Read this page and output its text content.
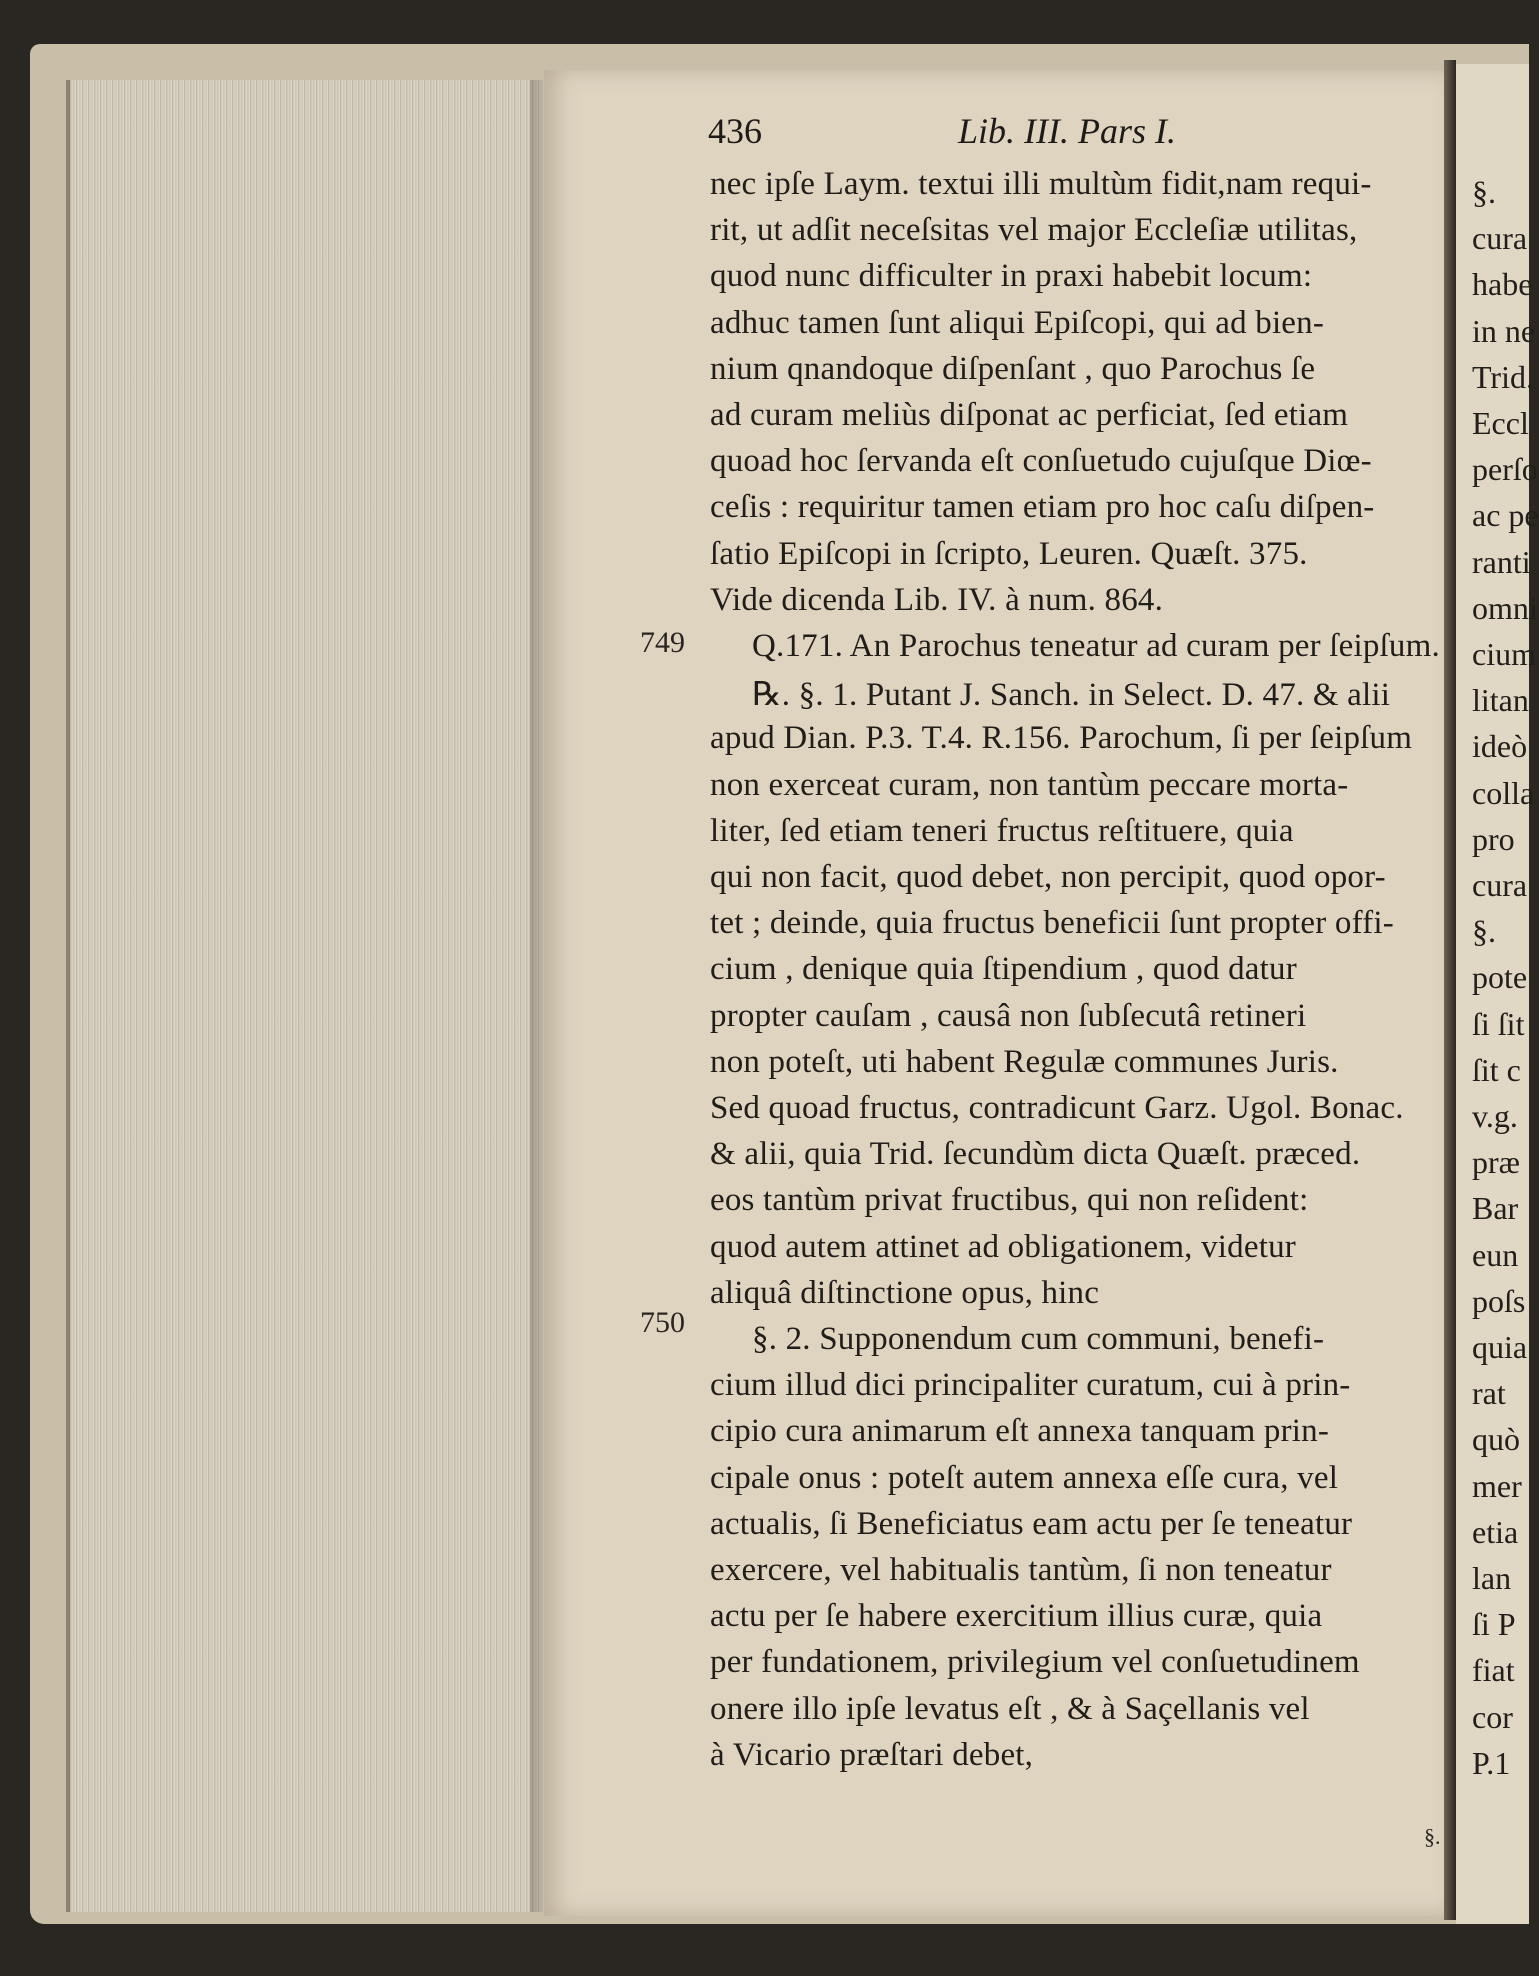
§.
cura
habe
in ne
Trid.
Eccl
perſo
ac pe
ranti
omni
cium
litan
ideò
colla
pro
cura
§.
pote
ſi ſit
ſit c
v.g.
præ
Bar
eun
poſs
quia
rat
quò
mer
etia
lan
ſi P
fiat
cor
P.1
436	Lib. III. Pars I.
nec ipſe Laym. textui illi multùm fidit,nam requi-
rit, ut adſit neceſsitas vel major Eccleſiæ utilitas,
quod nunc difficulter in praxi habebit locum:
adhuc tamen ſunt aliqui Epiſcopi, qui ad bien-
nium qnandoque diſpenſant , quo Parochus ſe
ad curam meliùs diſponat ac perficiat, ſed etiam
quoad hoc ſervanda eſt conſuetudo cujuſque Diœ-
ceſis : requiritur tamen etiam pro hoc caſu diſpen-
ſatio Epiſcopi in ſcripto, Leuren. Quæſt. 375.
Vide dicenda Lib. IV. à num. 864.
Q.171. An Parochus teneatur ad curam per ſeipſum.
℞. §. 1. Putant J. Sanch. in Select. D. 47. & alii
apud Dian. P.3. T.4. R.156. Parochum, ſi per ſeipſum
non exerceat curam, non tantùm peccare morta-
liter, ſed etiam teneri fructus reſtituere, quia
qui non facit, quod debet, non percipit, quod opor-
tet ; deinde, quia fructus beneficii ſunt propter offi-
cium , denique quia ſtipendium , quod datur
propter cauſam , causâ non ſubſecutâ retineri
non poteſt, uti habent Regulæ communes Juris.
Sed quoad fructus, contradicunt Garz. Ugol. Bonac.
& alii, quia Trid. ſecundùm dicta Quæſt. præced.
eos tantùm privat fructibus, qui non reſident:
quod autem attinet ad obligationem, videtur
aliquâ diſtinctione opus, hinc
§. 2. Supponendum cum communi, benefi-
cium illud dici principaliter curatum, cui à prin-
cipio cura animarum eſt annexa tanquam prin-
cipale onus : poteſt autem annexa eſſe cura, vel
actualis, ſi Beneficiatus eam actu per ſe teneatur
exercere, vel habitualis tantùm, ſi non teneatur
actu per ſe habere exercitium illius curæ, quia
per fundationem, privilegium vel conſuetudinem
onere illo ipſe levatus eſt , & à Saçellanis vel
à Vicario præſtari debet,
749
750
§.
